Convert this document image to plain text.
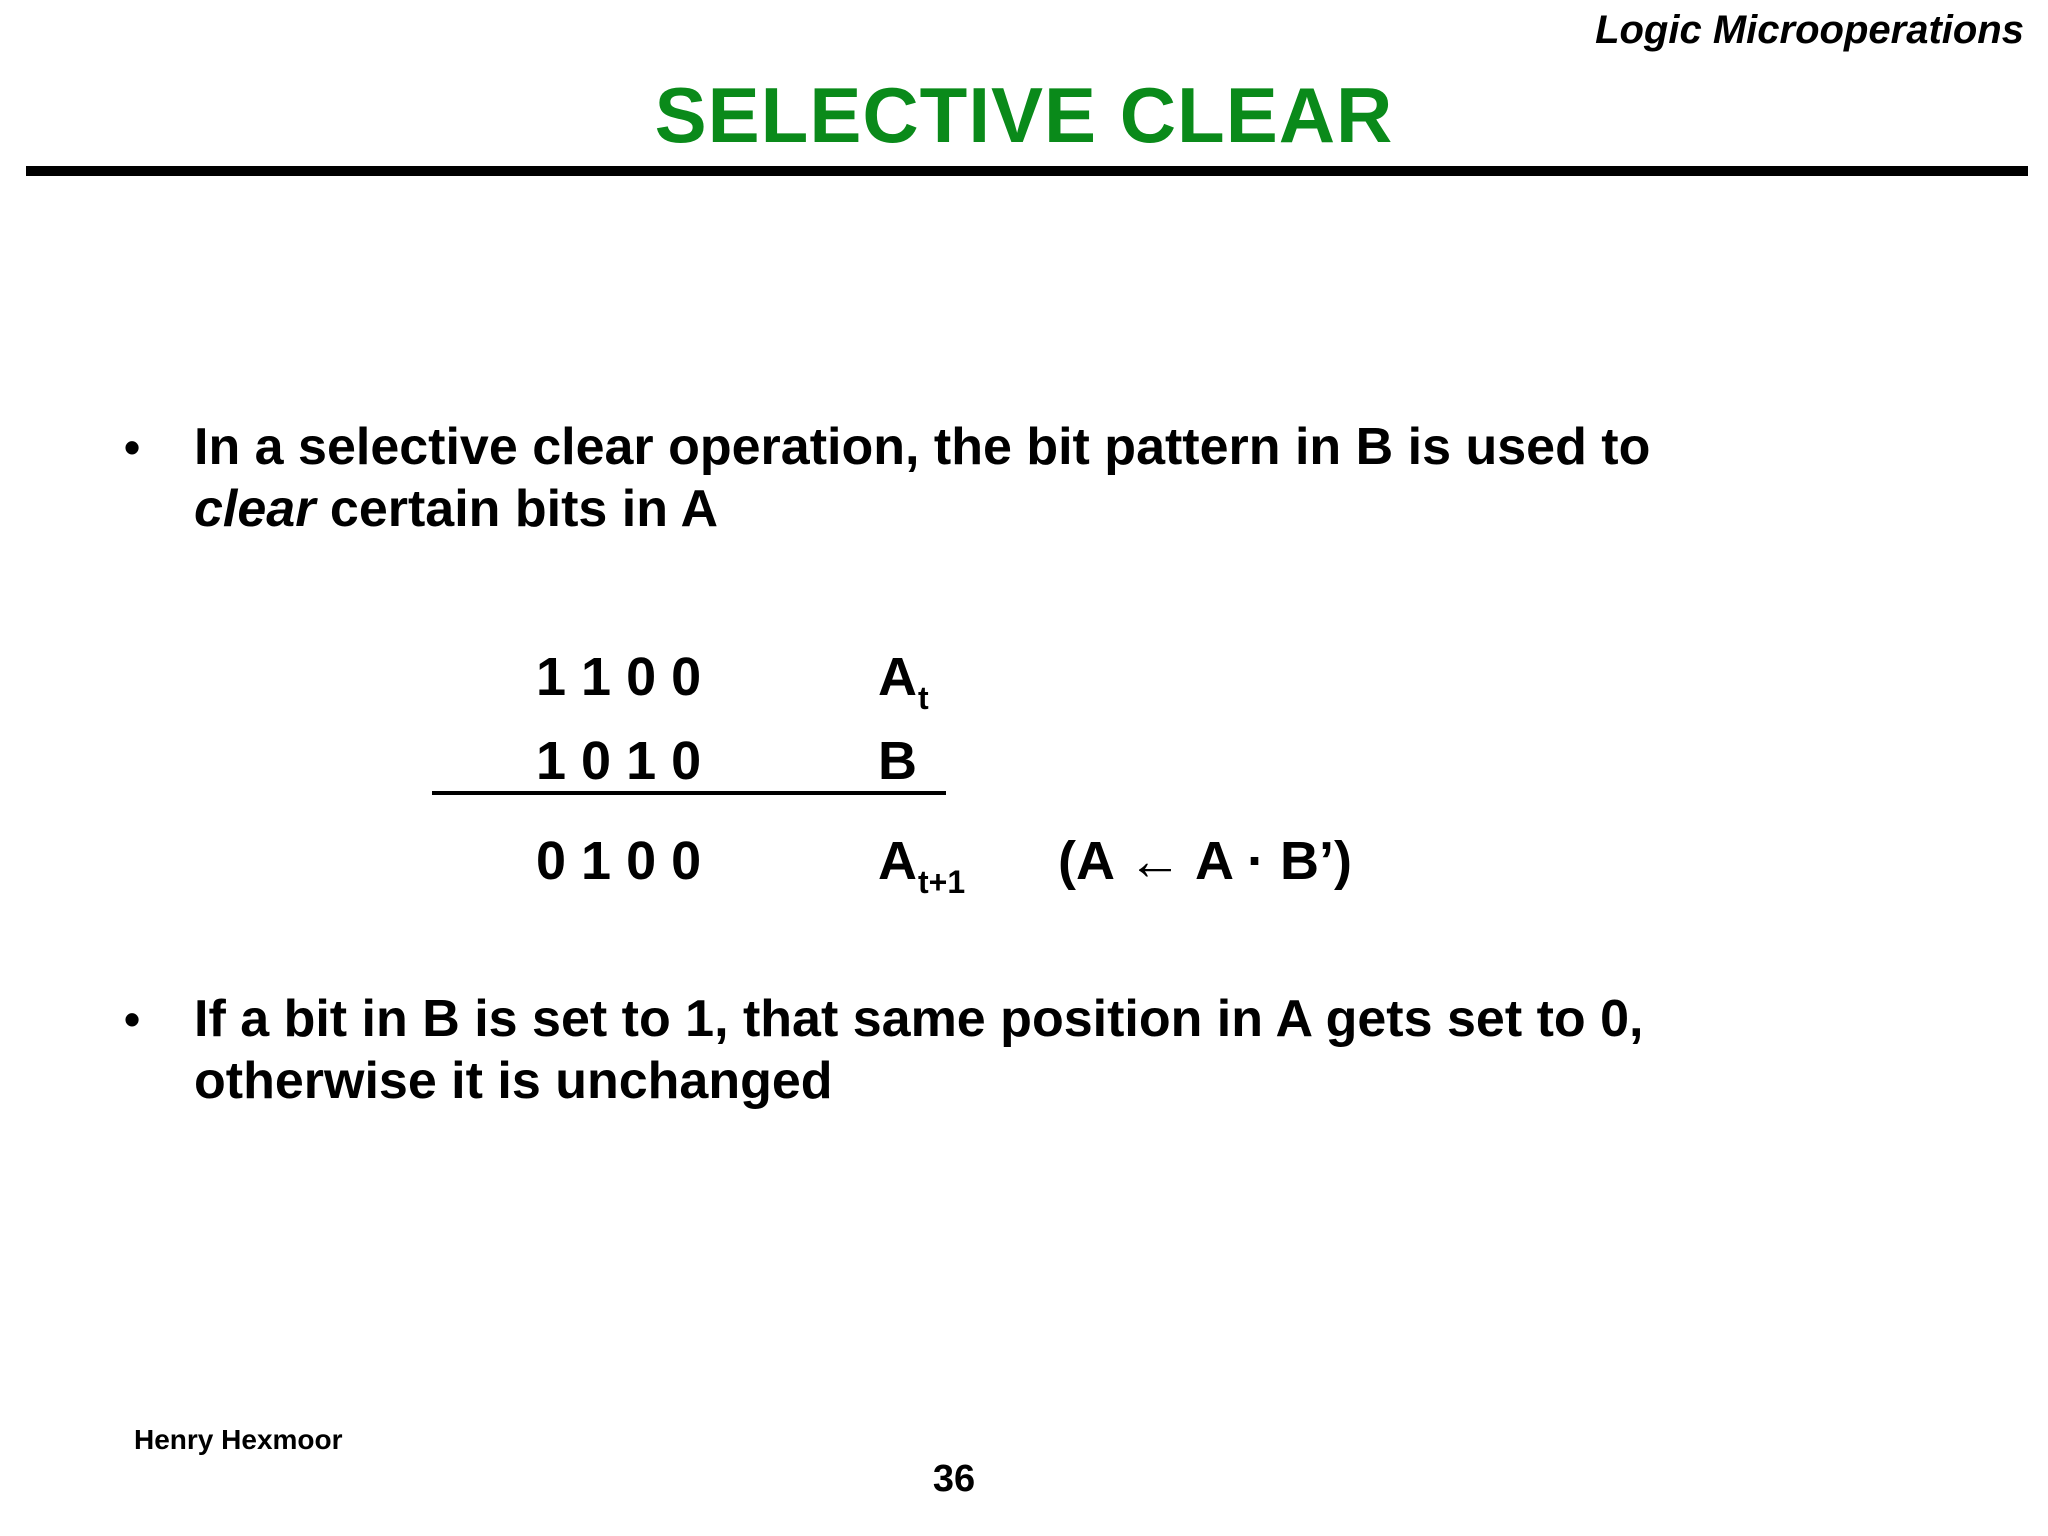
Logic Microoperations
SELECTIVE CLEAR
• In a selective clear operation, the bit pattern in B is used to
clear certain bits in A
1 1 0 0	$A_t$
1 0 1 0	B
0 1 0 0	$A_{t+1}$ (A ← A · B’)
• If a bit in B is set to 1, that same position in A gets set to 0,
otherwise it is unchanged
Henry Hexmoor
36
